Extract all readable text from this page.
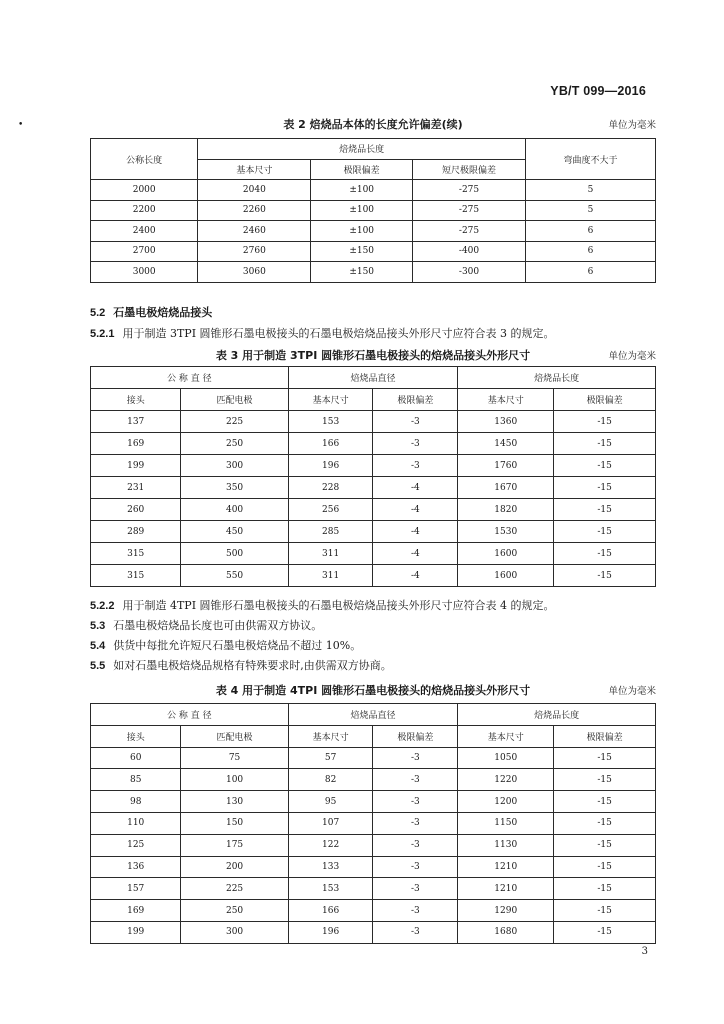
•
YB/T 099—2016
表 2 焙烧品本体的长度允许偏差(续)	单位为毫米
公称长度	焙烧品长度			弯曲度不大于
	基本尺寸	极限偏差	短尺极限偏差	
2000	2040	±100	-275	5
2200	2260	±100	-275	5
2400	2460	±100	-275	6
2700	2760	±150	-400	6
3000	3060	±150	-300	6
5.2 石墨电极焙烧品接头
5.2.1 用于制造 3TPI 圆锥形石墨电极接头的石墨电极焙烧品接头外形尺寸应符合表 3 的规定。
表 3 用于制造 3TPI 圆锥形石墨电极接头的焙烧品接头外形尺寸	单位为毫米
公 称 直 径		焙烧品直径		焙烧品长度	
接头	匹配电极	基本尺寸	极限偏差	基本尺寸	极限偏差
137	225	153	-3	1360	-15
169	250	166	-3	1450	-15
199	300	196	-3	1760	-15
231	350	228	-4	1670	-15
260	400	256	-4	1820	-15
289	450	285	-4	1530	-15
315	500	311	-4	1600	-15
315	550	311	-4	1600	-15
5.2.2 用于制造 4TPI 圆锥形石墨电极接头的石墨电极焙烧品接头外形尺寸应符合表 4 的规定。
5.3 石墨电极焙烧品长度也可由供需双方协议。
5.4 供货中每批允许短尺石墨电极焙烧品不超过 10%。
5.5 如对石墨电极焙烧品规格有特殊要求时,由供需双方协商。
表 4 用于制造 4TPI 圆锥形石墨电极接头的焙烧品接头外形尺寸	单位为毫米
公 称 直 径		焙烧品直径		焙烧品长度	
接头	匹配电极	基本尺寸	极限偏差	基本尺寸	极限偏差
60	75	57	-3	1050	-15
85	100	82	-3	1220	-15
98	130	95	-3	1200	-15
110	150	107	-3	1150	-15
125	175	122	-3	1130	-15
136	200	133	-3	1210	-15
157	225	153	-3	1210	-15
169	250	166	-3	1290	-15
199	300	196	-3	1680	-15
3
